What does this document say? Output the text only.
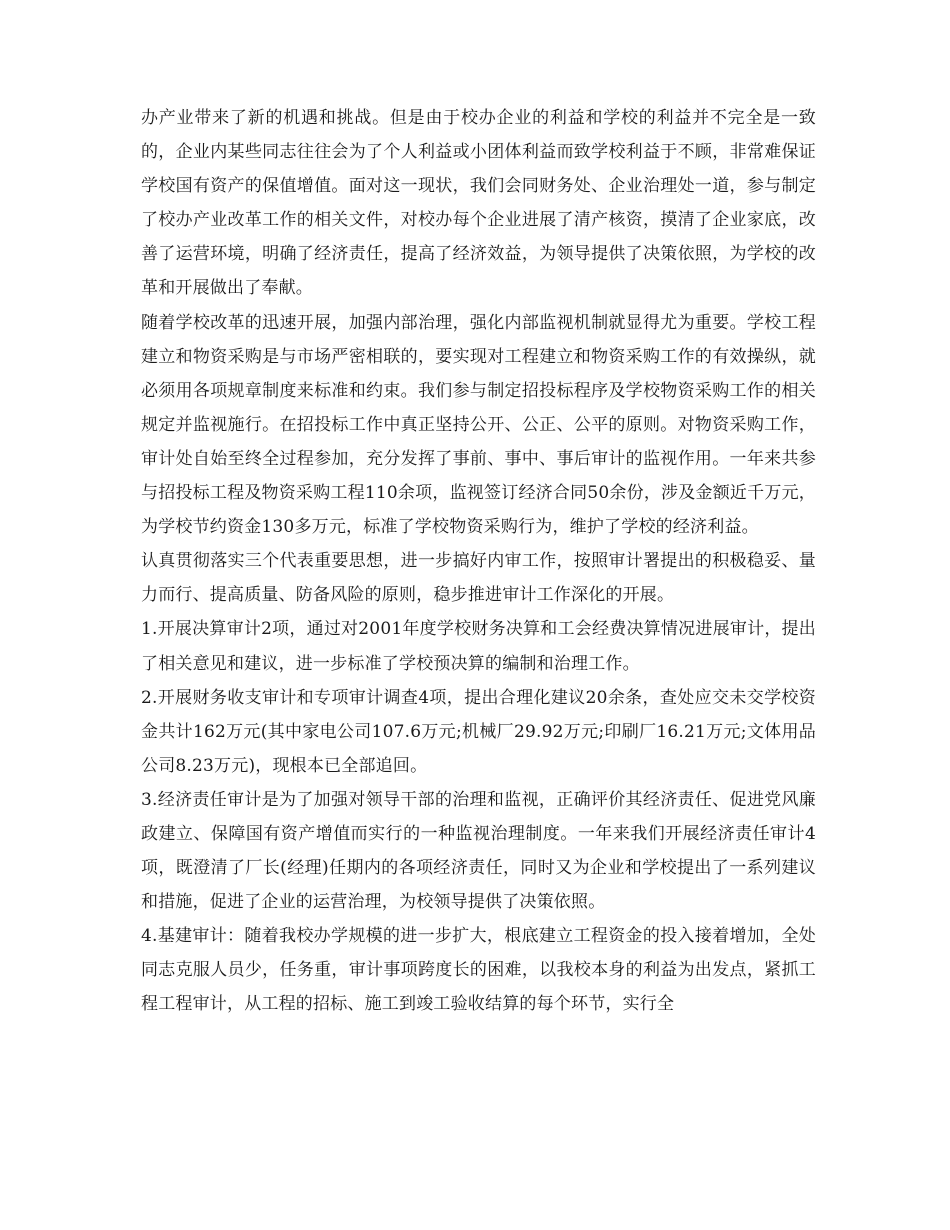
办产业带来了新的机遇和挑战。但是由于校办企业的利益和学校的利益并不完全是一致的，企业内某些同志往往会为了个人利益或小团体利益而致学校利益于不顾，非常难保证学校国有资产的保值增值。面对这一现状，我们会同财务处、企业治理处一道，参与制定了校办产业改革工作的相关文件，对校办每个企业进展了清产核资，摸清了企业家底，改善了运营环境，明确了经济责任，提高了经济效益，为领导提供了决策依照，为学校的改革和开展做出了奉献。

随着学校改革的迅速开展，加强内部治理，强化内部监视机制就显得尤为重要。学校工程建立和物资采购是与市场严密相联的，要实现对工程建立和物资采购工作的有效操纵，就必须用各项规章制度来标准和约束。我们参与制定招投标程序及学校物资采购工作的相关规定并监视施行。在招投标工作中真正坚持公开、公正、公平的原则。对物资采购工作，审计处自始至终全过程参加，充分发挥了事前、事中、事后审计的监视作用。一年来共参与招投标工程及物资采购工程110余项，监视签订经济合同50余份，涉及金额近千万元，为学校节约资金130多万元，标准了学校物资采购行为，维护了学校的经济利益。

认真贯彻落实三个代表重要思想，进一步搞好内审工作，按照审计署提出的积极稳妥、量力而行、提高质量、防备风险的原则，稳步推进审计工作深化的开展。

1.开展决算审计2项，通过对2001年度学校财务决算和工会经费决算情况进展审计，提出了相关意见和建议，进一步标准了学校预决算的编制和治理工作。

2.开展财务收支审计和专项审计调查4项，提出合理化建议20余条，查处应交未交学校资金共计162万元(其中家电公司107.6万元;机械厂29.92万元;印刷厂16.21万元;文体用品公司8.23万元)，现根本已全部追回。

3.经济责任审计是为了加强对领导干部的治理和监视，正确评价其经济责任、促进党风廉政建立、保障国有资产增值而实行的一种监视治理制度。一年来我们开展经济责任审计4项，既澄清了厂长(经理)任期内的各项经济责任，同时又为企业和学校提出了一系列建议和措施，促进了企业的运营治理，为校领导提供了决策依照。

4.基建审计：随着我校办学规模的进一步扩大，根底建立工程资金的投入接着增加，全处同志克服人员少，任务重，审计事项跨度长的困难，以我校本身的利益为出发点，紧抓工程工程审计，从工程的招标、施工到竣工验收结算的每个环节，实行全
